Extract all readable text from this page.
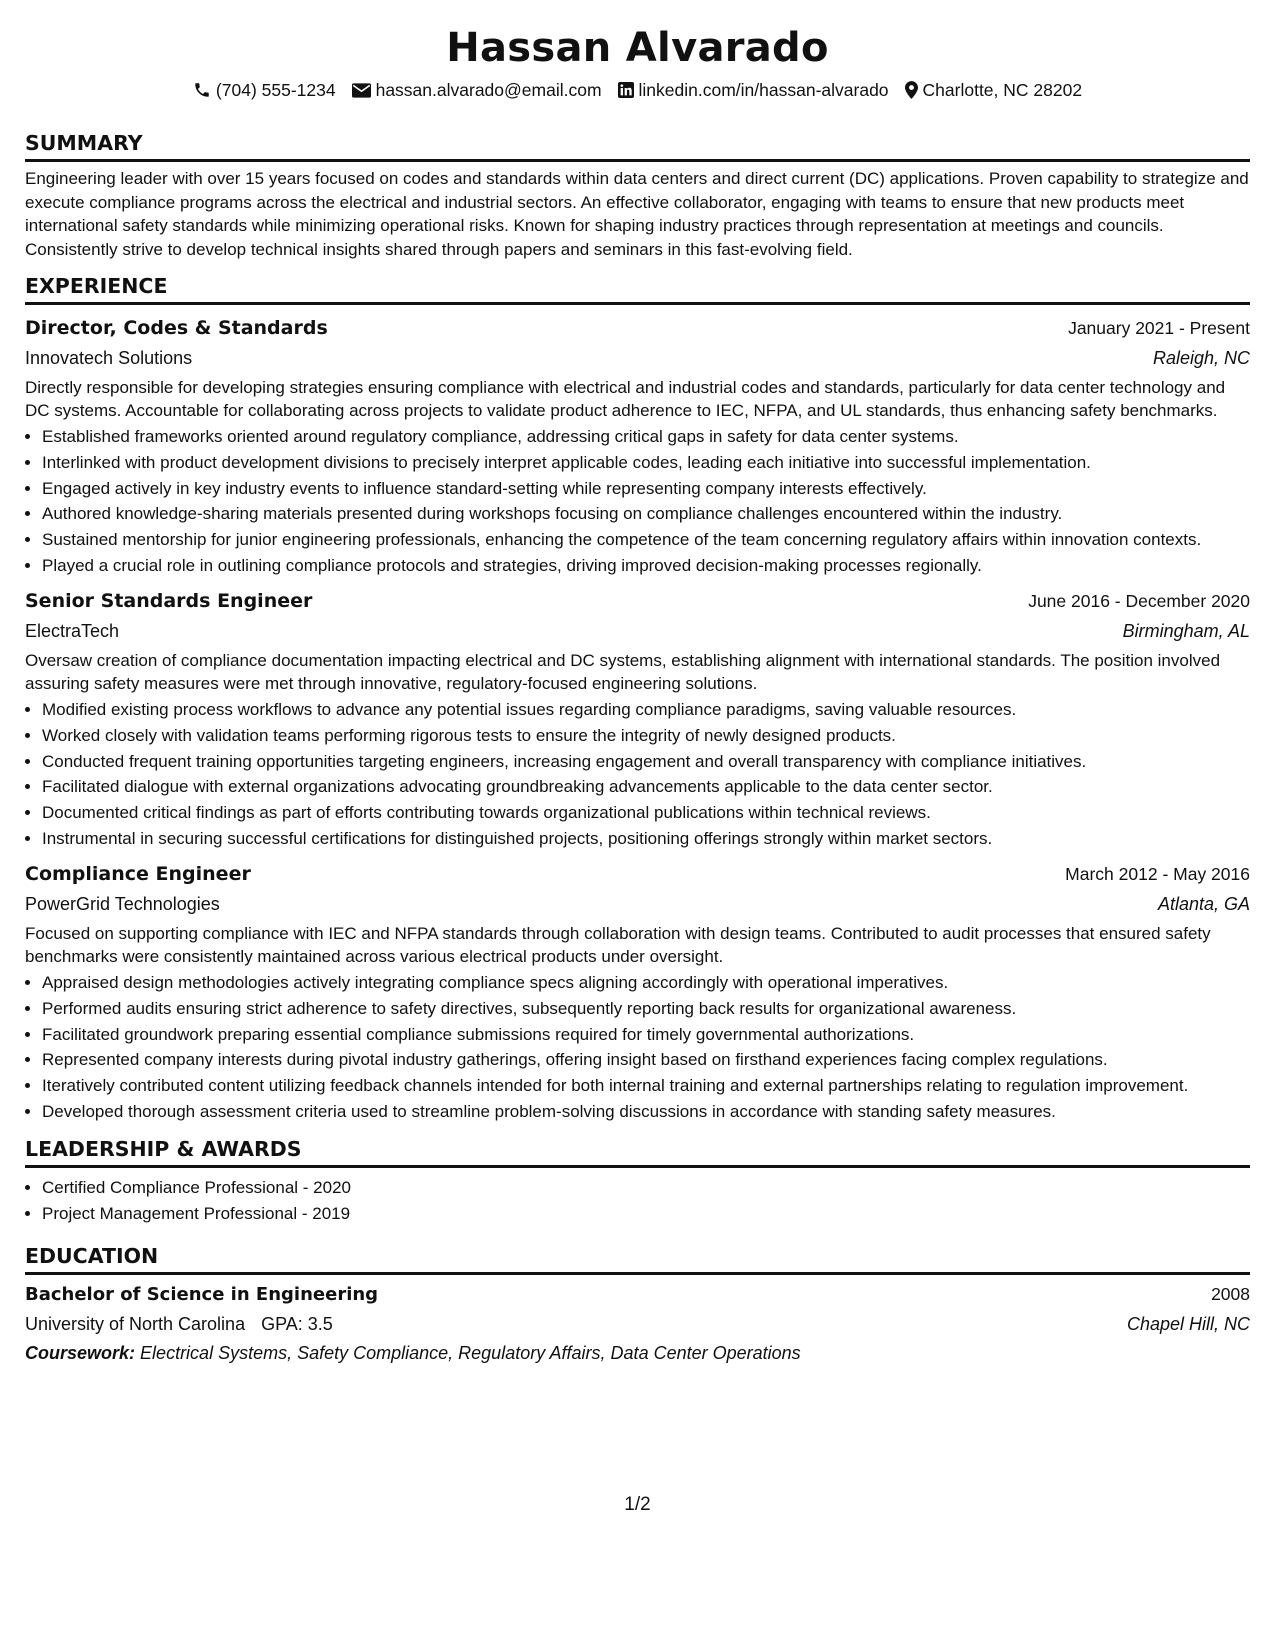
Hassan Alvarado
(704) 555-1234 hassan.alvarado@email.com linkedin.com/in/hassan-alvarado Charlotte, NC 28202
SUMMARY

Engineering leader with over 15 years focused on codes and standards within data centers and direct current (DC) applications. Proven capability to strategize and execute compliance programs across the electrical and industrial sectors. An effective collaborator, engaging with teams to ensure that new products meet international safety standards while minimizing operational risks. Known for shaping industry practices through representation at meetings and councils. Consistently strive to develop technical insights shared through papers and seminars in this fast-evolving field.

EXPERIENCE
Director, Codes & Standards	January 2021 - Present
Innovatech Solutions	Raleigh, NC
Directly responsible for developing strategies ensuring compliance with electrical and industrial codes and standards, particularly for data center technology and DC systems. Accountable for collaborating across projects to validate product adherence to IEC, NFPA, and UL standards, thus enhancing safety benchmarks.
• Established frameworks oriented around regulatory compliance, addressing critical gaps in safety for data center systems.
• Interlinked with product development divisions to precisely interpret applicable codes, leading each initiative into successful implementation.
• Engaged actively in key industry events to influence standard-setting while representing company interests effectively.
• Authored knowledge-sharing materials presented during workshops focusing on compliance challenges encountered within the industry.
• Sustained mentorship for junior engineering professionals, enhancing the competence of the team concerning regulatory affairs within innovation contexts.
• Played a crucial role in outlining compliance protocols and strategies, driving improved decision-making processes regionally.
Senior Standards Engineer	June 2016 - December 2020
ElectraTech	Birmingham, AL
Oversaw creation of compliance documentation impacting electrical and DC systems, establishing alignment with international standards. The position involved assuring safety measures were met through innovative, regulatory-focused engineering solutions.
• Modified existing process workflows to advance any potential issues regarding compliance paradigms, saving valuable resources.
• Worked closely with validation teams performing rigorous tests to ensure the integrity of newly designed products.
• Conducted frequent training opportunities targeting engineers, increasing engagement and overall transparency with compliance initiatives.
• Facilitated dialogue with external organizations advocating groundbreaking advancements applicable to the data center sector.
• Documented critical findings as part of efforts contributing towards organizational publications within technical reviews.
• Instrumental in securing successful certifications for distinguished projects, positioning offerings strongly within market sectors.
Compliance Engineer	March 2012 - May 2016
PowerGrid Technologies	Atlanta, GA
Focused on supporting compliance with IEC and NFPA standards through collaboration with design teams. Contributed to audit processes that ensured safety benchmarks were consistently maintained across various electrical products under oversight.
• Appraised design methodologies actively integrating compliance specs aligning accordingly with operational imperatives.
• Performed audits ensuring strict adherence to safety directives, subsequently reporting back results for organizational awareness.
• Facilitated groundwork preparing essential compliance submissions required for timely governmental authorizations.
• Represented company interests during pivotal industry gatherings, offering insight based on firsthand experiences facing complex regulations.
• Iteratively contributed content utilizing feedback channels intended for both internal training and external partnerships relating to regulation improvement.
• Developed thorough assessment criteria used to streamline problem-solving discussions in accordance with standing safety measures.
LEADERSHIP & AWARDS
• Certified Compliance Professional - 2020
• Project Management Professional - 2019
EDUCATION
Bachelor of Science in Engineering	2008
University of North Carolina GPA: 3.5	Chapel Hill, NC
Coursework: Electrical Systems, Safety Compliance, Regulatory Affairs, Data Center Operations
1/2
